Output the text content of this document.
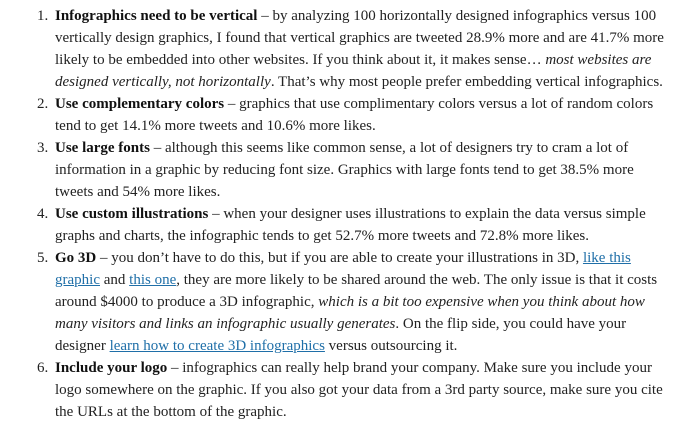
1. Infographics need to be vertical – by analyzing 100 horizontally designed infographics versus 100 vertically design graphics, I found that vertical graphics are tweeted 28.9% more and are 41.7% more likely to be embedded into other websites. If you think about it, it makes sense… most websites are designed vertically, not horizontally. That’s why most people prefer embedding vertical infographics.
2. Use complementary colors – graphics that use complimentary colors versus a lot of random colors tend to get 14.1% more tweets and 10.6% more likes.
3. Use large fonts – although this seems like common sense, a lot of designers try to cram a lot of information in a graphic by reducing font size. Graphics with large fonts tend to get 38.5% more tweets and 54% more likes.
4. Use custom illustrations – when your designer uses illustrations to explain the data versus simple graphs and charts, the infographic tends to get 52.7% more tweets and 72.8% more likes.
5. Go 3D – you don’t have to do this, but if you are able to create your illustrations in 3D, like this graphic and this one, they are more likely to be shared around the web. The only issue is that it costs around $4000 to produce a 3D infographic, which is a bit too expensive when you think about how many visitors and links an infographic usually generates. On the flip side, you could have your designer learn how to create 3D infographics versus outsourcing it.
6. Include your logo – infographics can really help brand your company. Make sure you include your logo somewhere on the graphic. If you also got your data from a 3rd party source, make sure you cite the URLs at the bottom of the graphic.
